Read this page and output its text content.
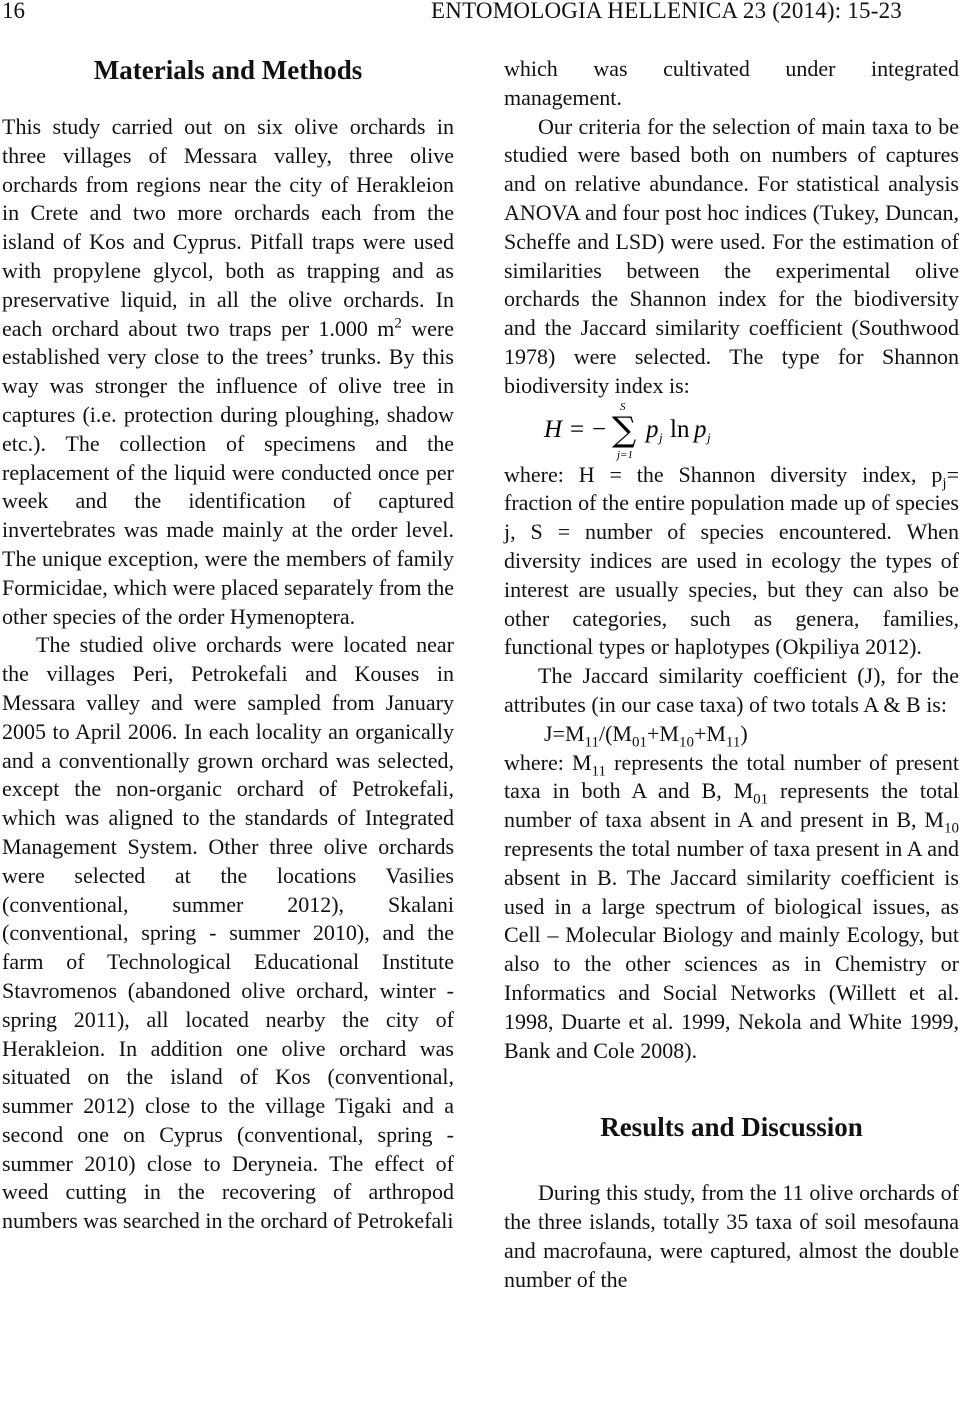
16	ENTOMOLOGIA HELLENICA 23 (2014): 15-23
Materials and Methods

This study carried out on six olive orchards in three villages of Messara valley, three olive orchards from regions near the city of Herakleion in Crete and two more orchards each from the island of Kos and Cyprus. Pitfall traps were used with propylene glycol, both as trapping and as preservative liquid, in all the olive orchards. In each orchard about two traps per 1.000 $m^2$ were established very close to the trees’ trunks. By this way was stronger the influence of olive tree in captures (i.e. protection during ploughing, shadow etc.). The collection of specimens and the replacement of the liquid were conducted once per week and the identification of captured invertebrates was made mainly at the order level. The unique exception, were the members of family Formicidae, which were placed separately from the other species of the order Hymenoptera.

The studied olive orchards were located near the villages Peri, Petrokefali and Kouses in Messara valley and were sampled from January 2005 to April 2006. In each locality an organically and a conventionally grown orchard was selected, except the non-organic orchard of Petrokefali, which was aligned to the standards of Integrated Management System. Other three olive orchards were selected at the locations Vasilies (conventional, summer 2012), Skalani (conventional, spring - summer 2010), and the farm of Technological Educational Institute Stavromenos (abandoned olive orchard, winter - spring 2011), all located nearby the city of Herakleion. In addition one olive orchard was situated on the island of Kos (conventional, summer 2012) close to the village Tigaki and a second one on Cyprus (conventional, spring - summer 2010) close to Deryneia. The effect of weed cutting in the recovering of arthropod numbers was searched in the orchard of Petrokefali

which was cultivated under integrated management.

Our criteria for the selection of main taxa to be studied were based both on numbers of captures and on relative abundance. For statistical analysis ANOVA and four post hoc indices (Tukey, Duncan, Scheffe and LSD) were used. For the estimation of similarities between the experimental olive orchards the Shannon index for the biodiversity and the Jaccard similarity coefficient (Southwood 1978) were selected. The type for Shannon biodiversity index is:

H = − ∑
S
j=1
p j ln p j

where: H = the Shannon diversity index, $p_j=$ fraction of the entire population made up of species j, S = number of species encountered. When diversity indices are used in ecology the types of interest are usually species, but they can also be other categories, such as genera, families, functional types or haplotypes (Okpiliya 2012).

The Jaccard similarity coefficient (J), for the attributes (in our case taxa) of two totals A & B is:

$J=M_{11}/(M_{01}+M_{10}+M_{11})$

where: $M_{11}$ represents the total number of present taxa in both A and B, $M_{01}$ represents the total number of taxa absent in A and present in B, $M_{10}$ represents the total number of taxa present in A and absent in B. The Jaccard similarity coefficient is used in a large spectrum of biological issues, as Cell – Molecular Biology and mainly Ecology, but also to the other sciences as in Chemistry or Informatics and Social Networks (Willett et al. 1998, Duarte et al. 1999, Nekola and White 1999, Bank and Cole 2008).

Results and Discussion

During this study, from the 11 olive orchards of the three islands, totally 35 taxa of soil mesofauna and macrofauna, were captured, almost the double number of the
